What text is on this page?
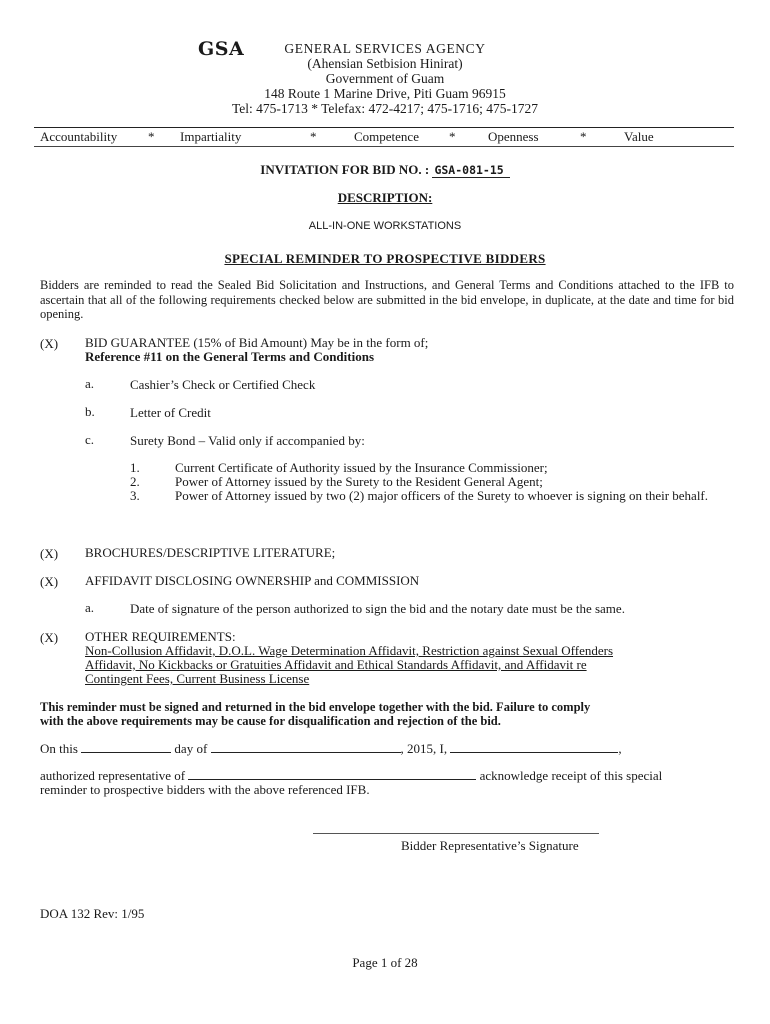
GSA	GENERAL SERVICES AGENCY
(Ahensian Setbision Hinirat)
Government of Guam
148 Route 1 Marine Drive, Piti Guam 96915
Tel: 475-1713 * Telefax: 472-4217; 475-1716; 475-1727
Accountability * Impartiality	*	Competence *	Openness	*	Value
INVITATION FOR BID NO. : GSA-081-15
DESCRIPTION:
ALL-IN-ONE WORKSTATIONS
SPECIAL REMINDER TO PROSPECTIVE BIDDERS
Bidders are reminded to read the Sealed Bid Solicitation and Instructions, and General Terms and Conditions attached to the IFB to ascertain that all of the following requirements checked below are submitted in the bid envelope, in duplicate, at the date and time for bid opening.
(X) BID GUARANTEE (15% of Bid Amount) May be in the form of;
Reference #11 on the General Terms and Conditions
a.	Cashier’s Check or Certified Check
b.	Letter of Credit
c.	Surety Bond – Valid only if accompanied by:
1.	Current Certificate of Authority issued by the Insurance Commissioner;
2.	Power of Attorney issued by the Surety to the Resident General Agent;
3.	Power of Attorney issued by two (2) major officers of the Surety to whoever is signing on their behalf.
(X) BROCHURES/DESCRIPTIVE LITERATURE;
(X) AFFIDAVIT DISCLOSING OWNERSHIP and COMMISSION
a.	Date of signature of the person authorized to sign the bid and the notary date must be the same.
(X) OTHER REQUIREMENTS:
Non-Collusion Affidavit, D.O.L. Wage Determination Affidavit, Restriction against Sexual Offenders
Affidavit, No Kickbacks or Gratuities Affidavit and Ethical Standards Affidavit, and Affidavit re
Contingent Fees, Current Business License
This reminder must be signed and returned in the bid envelope together with the bid. Failure to comply
with the above requirements may be cause for disqualification and rejection of the bid.
On this	day of	, 2015, I,	,
authorized representative of	acknowledge receipt of this special
reminder to prospective bidders with the above referenced IFB.
Bidder Representative’s Signature
DOA 132 Rev: 1/95
Page 1 of 28
